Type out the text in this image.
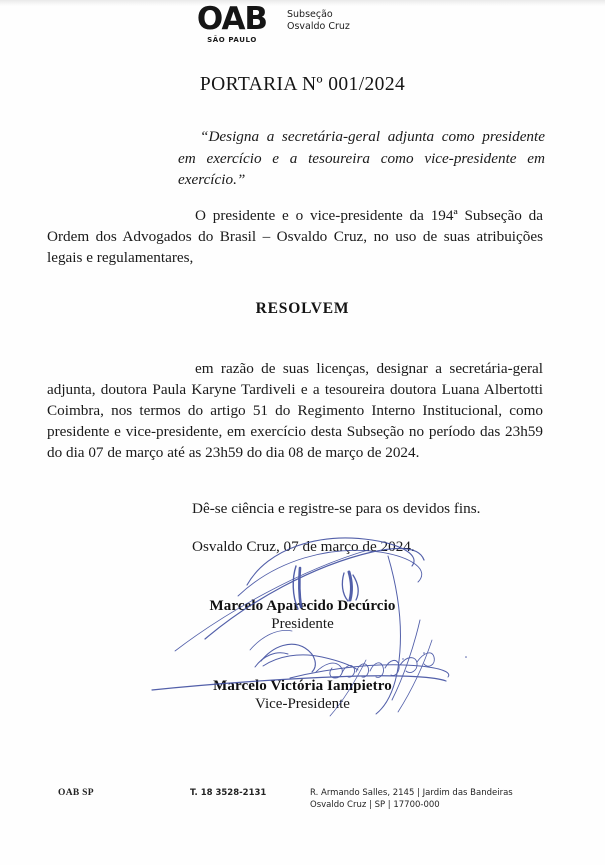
OAB
SÃO PAULO
Subseção
Osvaldo Cruz
PORTARIA Nº 001/2024
“Designa a secretária-geral adjunta como presidente em exercício e a tesoureira como vice-presidente em exercício.”
O presidente e o vice-presidente da 194ª Subseção da Ordem dos Advogados do Brasil – Osvaldo Cruz, no uso de suas atribuições legais e regulamentares,
RESOLVEM
em razão de suas licenças, designar a secretária-geral adjunta, doutora Paula Karyne Tardiveli e a tesoureira doutora Luana Albertotti Coimbra, nos termos do artigo 51 do Regimento Interno Institucional, como presidente e vice-presidente, em exercício desta Subseção no período das 23h59 do dia 07 de março até as 23h59 do dia 08 de março de 2024.
Dê-se ciência e registre-se para os devidos fins.
Osvaldo Cruz, 07 de março de 2024.
Marcelo Aparecido Decúrcio
Presidente
Marcelo Victória Iampietro
Vice-Presidente
OAB SP	T. 18 3528-2131	R. Armando Salles, 2145 | Jardim das Bandeiras
Osvaldo Cruz | SP | 17700-000
